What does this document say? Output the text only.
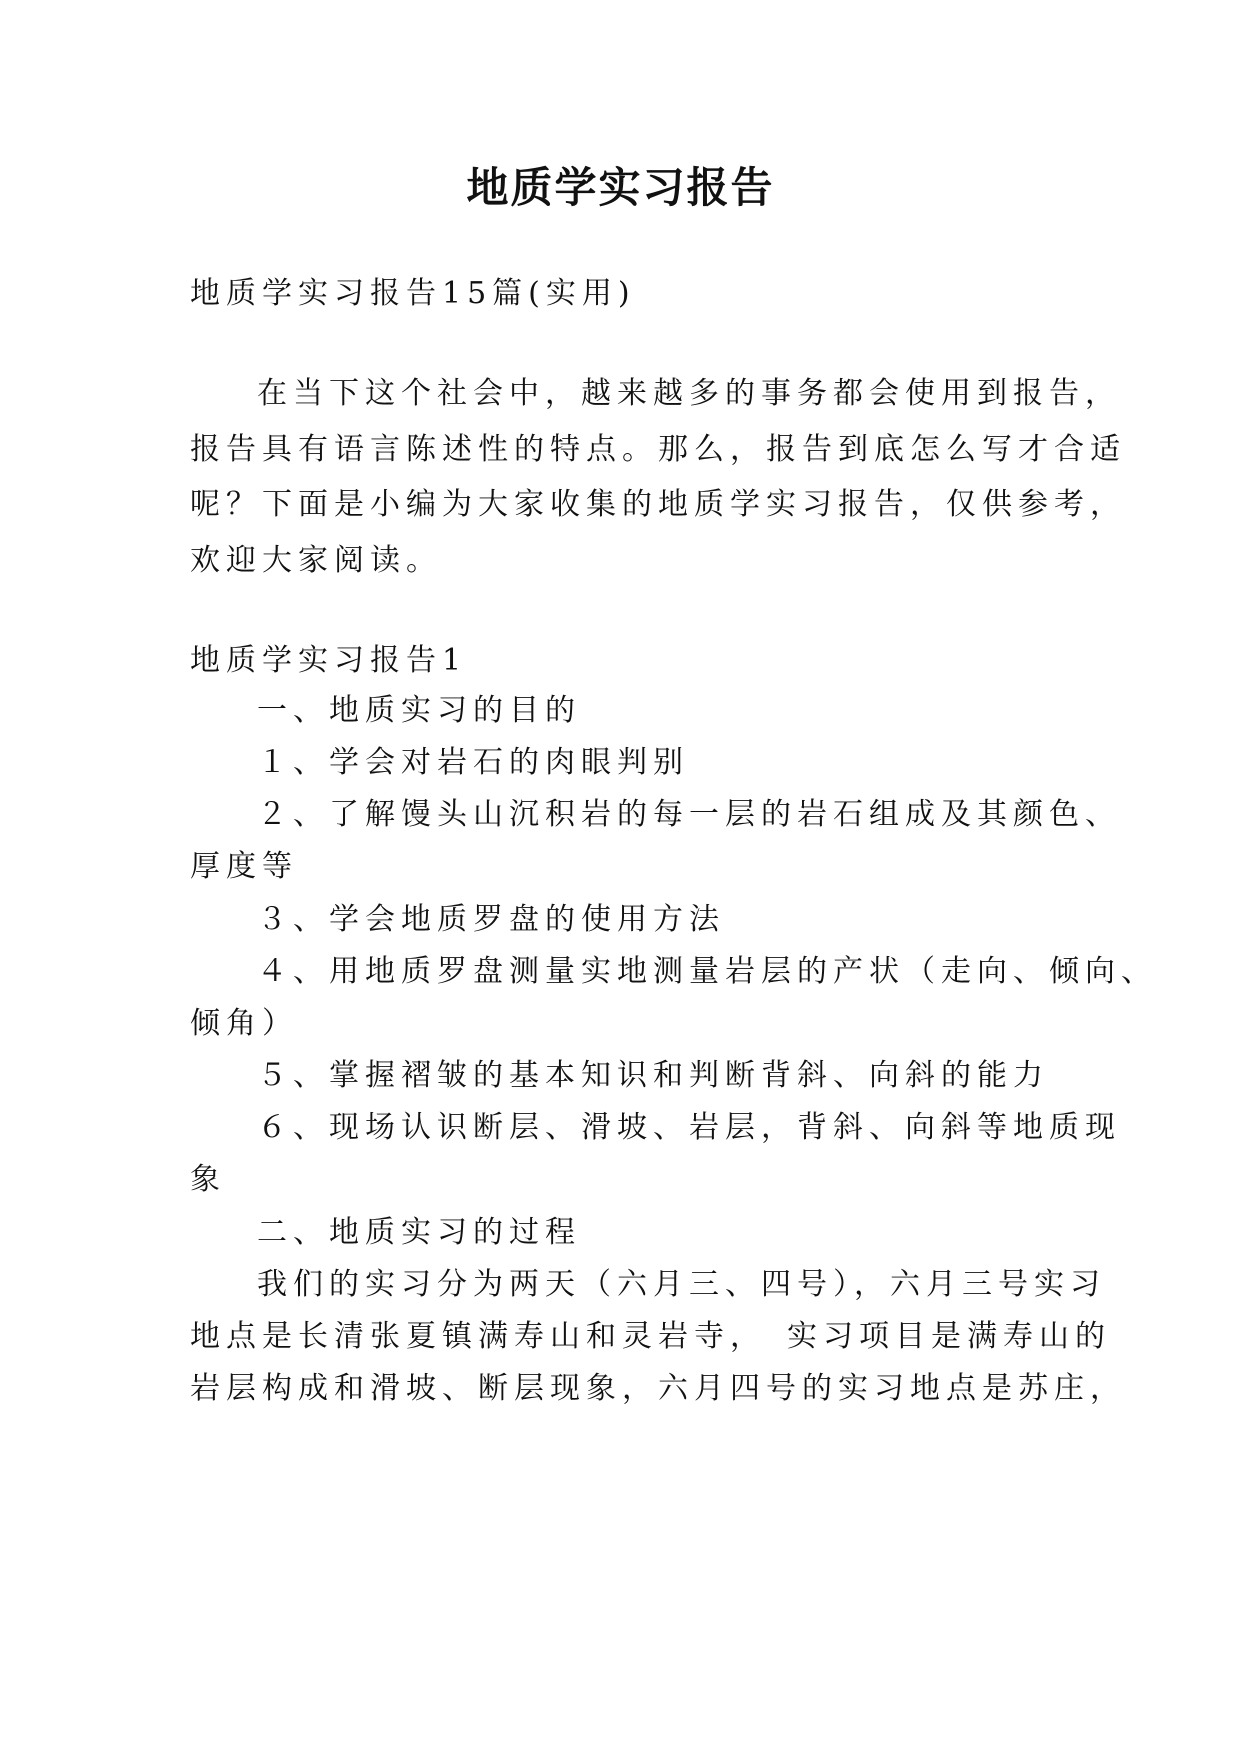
地质学实习报告
地质学实习报告15篇(实用)
在当下这个社会中，越来越多的事务都会使用到报告，
报告具有语言陈述性的特点。那么，报告到底怎么写才合适
呢？下面是小编为大家收集的地质学实习报告，仅供参考，
欢迎大家阅读。
地质学实习报告1
一、地质实习的目的
１、学会对岩石的肉眼判别
２、了解馒头山沉积岩的每一层的岩石组成及其颜色、
厚度等
３、学会地质罗盘的使用方法
４、用地质罗盘测量实地测量岩层的产状（走向、倾向、
倾角）
５、掌握褶皱的基本知识和判断背斜、向斜的能力
６、现场认识断层、滑坡、岩层，背斜、向斜等地质现
象
二、地质实习的过程
我们的实习分为两天（六月三、四号），六月三号实习
地点是长清张夏镇满寿山和灵岩寺，　实习项目是满寿山的
岩层构成和滑坡、断层现象，六月四号的实习地点是苏庄，
